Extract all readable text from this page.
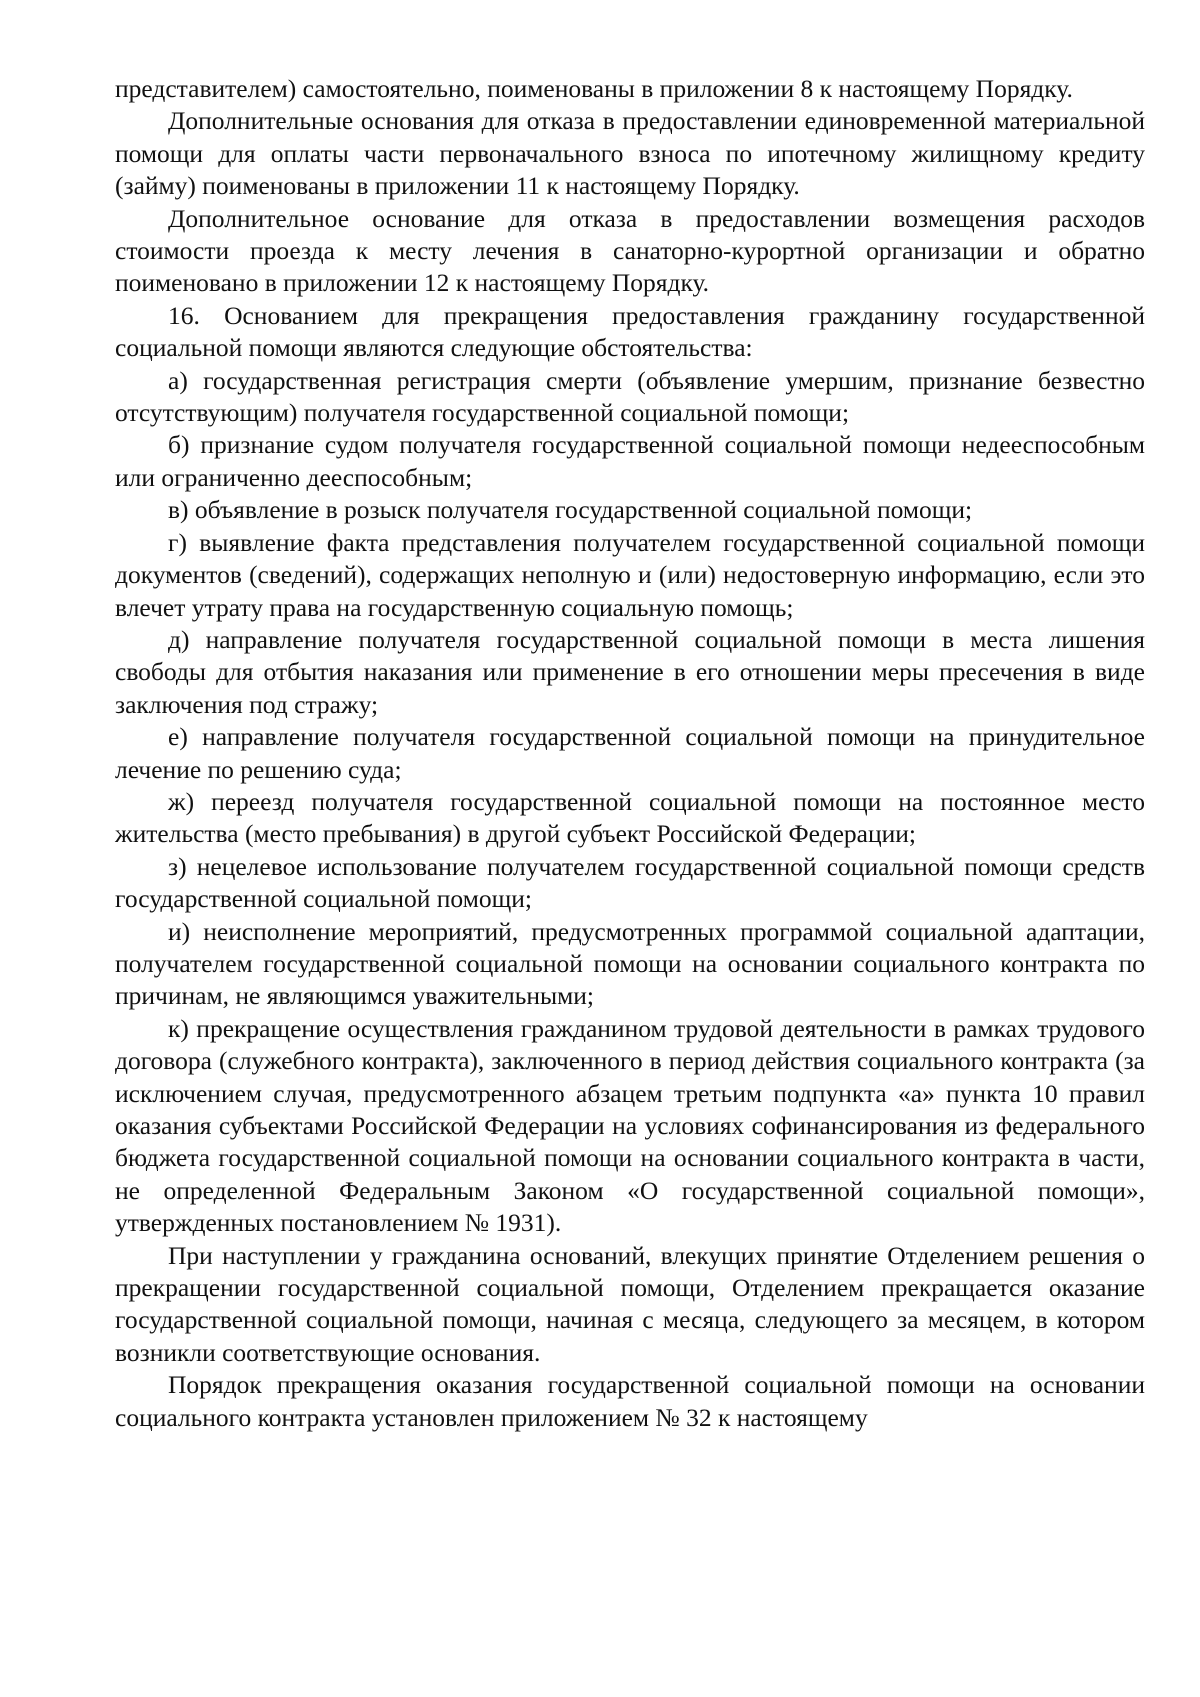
представителем) самостоятельно, поименованы в приложении 8 к настоящему Порядку.

Дополнительные основания для отказа в предоставлении единовременной материальной помощи для оплаты части первоначального взноса по ипотечному жилищному кредиту (займу) поименованы в приложении 11 к настоящему Порядку.

Дополнительное основание для отказа в предоставлении возмещения расходов стоимости проезда к месту лечения в санаторно-курортной организации и обратно поименовано в приложении 12 к настоящему Порядку.

16. Основанием для прекращения предоставления гражданину государственной социальной помощи являются следующие обстоятельства:

а) государственная регистрация смерти (объявление умершим, признание безвестно отсутствующим) получателя государственной социальной помощи;

б) признание судом получателя государственной социальной помощи недееспособным или ограниченно дееспособным;

в) объявление в розыск получателя государственной социальной помощи;

г) выявление факта представления получателем государственной социальной помощи документов (сведений), содержащих неполную и (или) недостоверную информацию, если это влечет утрату права на государственную социальную помощь;

д) направление получателя государственной социальной помощи в места лишения свободы для отбытия наказания или применение в его отношении меры пресечения в виде заключения под стражу;

е) направление получателя государственной социальной помощи на принудительное лечение по решению суда;

ж) переезд получателя государственной социальной помощи на постоянное место жительства (место пребывания) в другой субъект Российской Федерации;

з) нецелевое использование получателем государственной социальной помощи средств государственной социальной помощи;

и) неисполнение мероприятий, предусмотренных программой социальной адаптации, получателем государственной социальной помощи на основании социального контракта по причинам, не являющимся уважительными;

к) прекращение осуществления гражданином трудовой деятельности в рамках трудового договора (служебного контракта), заключенного в период действия социального контракта (за исключением случая, предусмотренного абзацем третьим подпункта «а» пункта 10 правил оказания субъектами Российской Федерации на условиях софинансирования из федерального бюджета государственной социальной помощи на основании социального контракта в части, не определенной Федеральным Законом «О государственной социальной помощи», утвержденных постановлением № 1931).

При наступлении у гражданина оснований, влекущих принятие Отделением решения о прекращении государственной социальной помощи, Отделением прекращается оказание государственной социальной помощи, начиная с месяца, следующего за месяцем, в котором возникли соответствующие основания.

Порядок прекращения оказания государственной социальной помощи на основании социального контракта установлен приложением № 32 к настоящему
